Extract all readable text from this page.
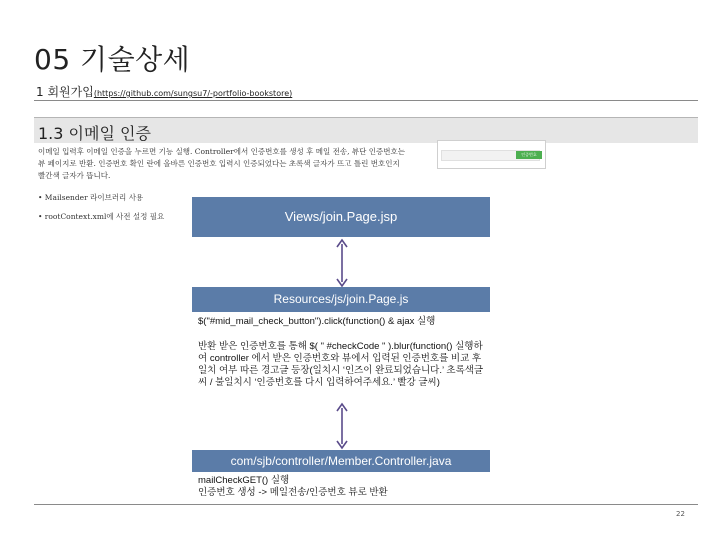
05 기술상세
1 회원가입(https://github.com/sungsu7/-portfolio-bookstore)
1.3 이메일 인증
이메일 입력후 이메일 인증을 누르면 기능 실행. Controller에서 인증번호를 생성 후 메일 전송, 뷰단 인증번호는 뷰 페이지로 반환. 인증번호 확인 란에 올바른 인증번호 입력시 인증되었다는 초록색 글자가 뜨고 틀린 번호인지 빨간색 글자가 뜹니다.
• Mailsender 라이브러리 사용
• rootContext.xml에 사전 설정 필요
인증번호
Views/join.Page.jsp
Resources/js/join.Page.js
$("#mid_mail_check_button").click(function() & ajax 실행
반환 받은 인증번호를 통해 $( " #checkCode " ).blur(function() 실행하여 controller 에서 받은 인증번호와 뷰에서 입력된 인증번호를 비교 후 일치 여부 따른 경고글 등장(일치시 ‘인즈이 완료되었습니다.’ 초록색글씨 / 불일치시 ‘인증번호를 다시 입력하여주세요.’ 빨강 글씨)
com/sjb/controller/Member.Controller.java
mailCheckGET() 실행
인증번호 생성 -> 메일전송/인증번호 뷰로 반환
22
